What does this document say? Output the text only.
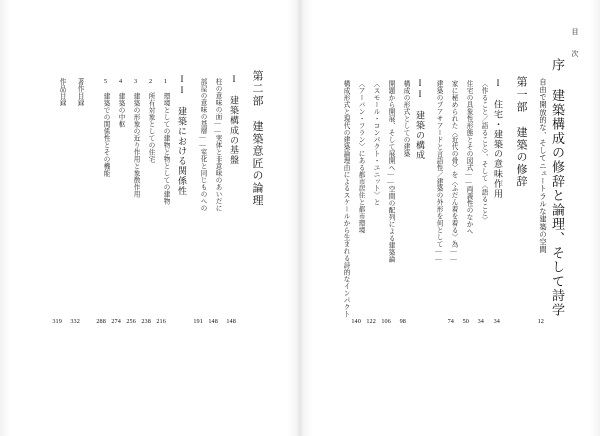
目 次
序 建築構成の修辞と論理、そして詩学
自由で開放的な、そしてニュートラルな建築の空間
12
第一部 建築の修辞
I 住宅・建築の意味作用
34
〈作ること／語ること〉、そして〈語ること〉
34
住宅の具象性形態とその図式——両義性のなかへ
50
家に秘められた〈近代の骨〉を〈ふだん着を着る〉為——
74
建築のプアサアードと言語性／建築の外形を何として——
II 建築の構成
構成の形式としての建築
98
開題から開展、そして展開へ——空間の配列による建築論
106
〈スモール・コンパクト・ユニット〉と
122
〈アーバン・フラン〉にある都市居住と都市環境
140
構成形式と現代の建築論理由によるスケールから生まれる詩的なインパクト
第二部 建築意匠の論理
I 建築構成の基盤
148
柱の意味の面——実体と非意味のあいだに
148
部屋の意味の基層——室化と同じものへの
191
II 建築における関係性
1 環境としての建物と物としての建物
216
2 所有対象としての住宅
238
3 建築の形象の近り作用と象徴作用
256
4 建築の中枢
274
5 建築での関係性とその機能
288
著作目録
332
作品目録
319
